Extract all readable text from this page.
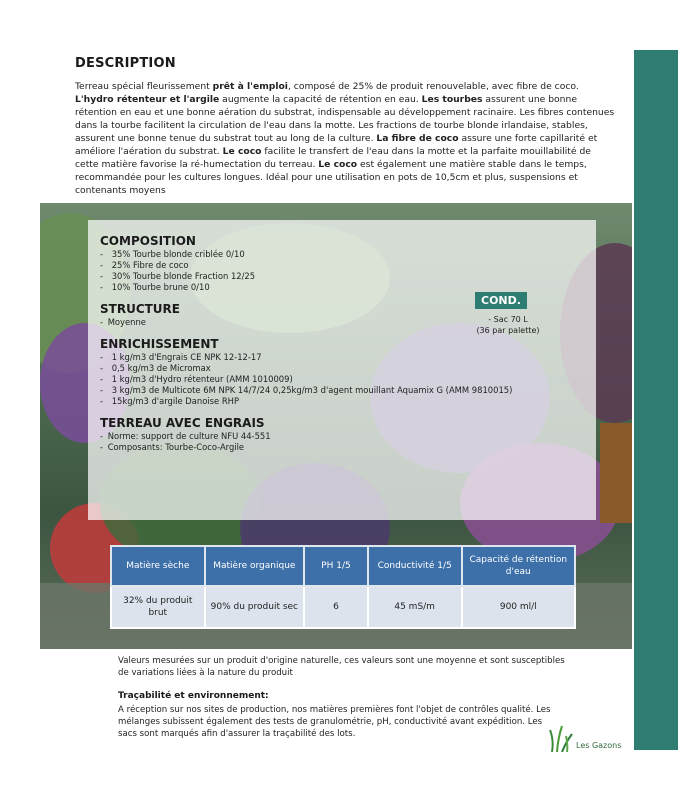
DESCRIPTION
Terreau spécial fleurissement prêt à l'emploi, composé de 25% de produit renouvelable, avec fibre de coco. L'hydro rétenteur et l'argile augmente la capacité de rétention en eau. Les tourbes assurent une bonne rétention en eau et une bonne aération du substrat, indispensable au développement racinaire. Les fibres contenues dans la tourbe facilitent la circulation de l'eau dans la motte. Les fractions de tourbe blonde irlandaise, stables, assurent une bonne tenue du substrat tout au long de la culture. La fibre de coco assure une forte capillarité et améliore l'aération du substrat. Le coco facilite le transfert de l'eau dans la motte et la parfaite mouillabilité de cette matière favorise la ré-humectation du terreau. Le coco est également une matière stable dans le temps, recommandée pour les cultures longues. Idéal pour une utilisation en pots de 10,5cm et plus, suspensions et contenants moyens
COMPOSITION
- 35% Tourbe blonde criblée 0/10
- 25% Fibre de coco
- 30% Tourbe blonde Fraction 12/25
- 10% Tourbe brune 0/10
STRUCTURE
- Moyenne
ENRICHISSEMENT
- 1 kg/m3 d'Engrais CE NPK 12-12-17
- 0,5 kg/m3 de Micromax
- 1 kg/m3 d'Hydro rétenteur (AMM 1010009)
- 3 kg/m3 de Multicote 6M NPK 14/7/24 0,25kg/m3 d'agent mouillant Aquamix G (AMM 9810015)
- 15kg/m3 d'argile Danoise RHP
TERREAU AVEC ENGRAIS
- Norme: support de culture NFU 44-551
- Composants: Tourbe-Coco-Argile
COND.
- Sac 70 L
(36 par palette)
Matière sèche	Matière organique	PH 1/5	Conductivité 1/5	Capacité de rétention d'eau
32% du produit brut	90% du produit sec	6	45 mS/m	900 ml/l
Valeurs mesurées sur un produit d'origine naturelle, ces valeurs sont une moyenne et sont susceptibles de variations liées à la nature du produit
Traçabilité et environnement:
A réception sur nos sites de production, nos matières premières font l'objet de contrôles qualité. Les mélanges subissent également des tests de granulométrie, pH, conductivité avant expédition. Les sacs sont marqués afin d'assurer la traçabilité des lots.
Les Gazons
